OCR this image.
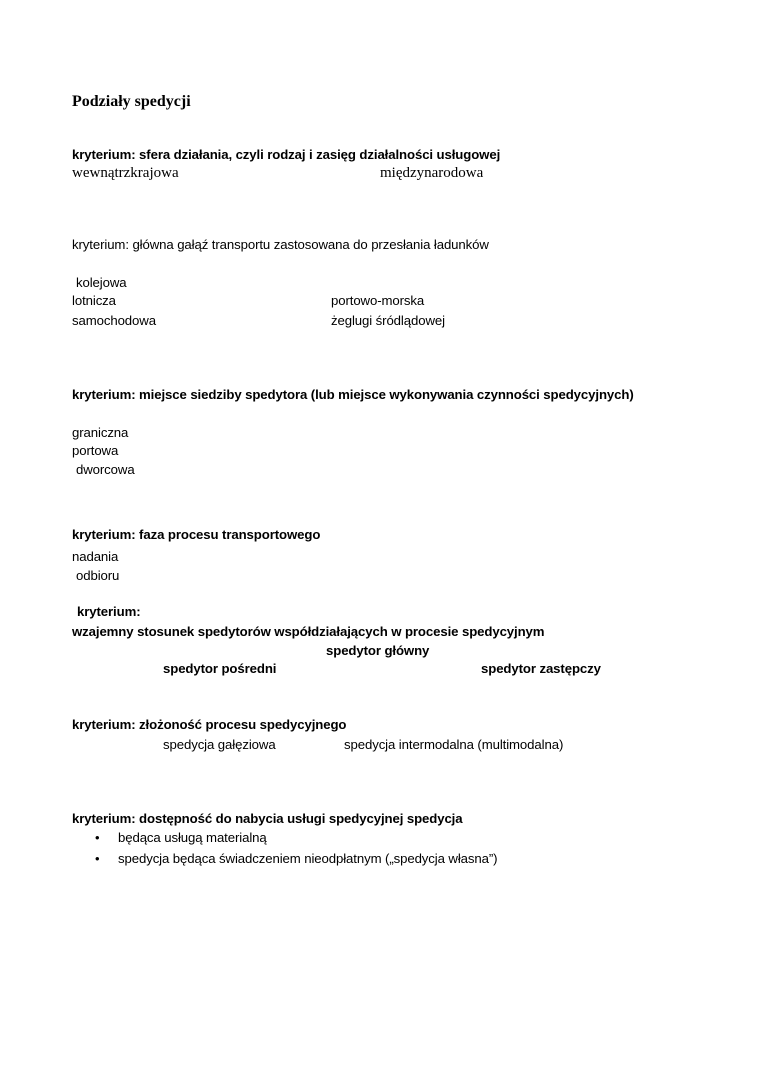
Podziały spedycji
kryterium: sfera działania, czyli rodzaj i zasięg działalności usługowej
wewnątrzkrajowa	międzynarodowa
kryterium: główna gałąź transportu zastosowana do przesłania ładunków
kolejowa
lotnicza	portowo-morska
samochodowa	żeglugi śródlądowej
kryterium: miejsce siedziby spedytora (lub miejsce wykonywania czynności spedycyjnych)
graniczna
portowa
dworcowa
kryterium: faza procesu transportowego
nadania
odbioru
kryterium:
wzajemny stosunek spedytorów współdziałających w procesie spedycyjnym
spedytor główny
spedytor pośredni	spedytor zastępczy
kryterium: złożoność procesu spedycyjnego
spedycja gałęziowa	spedycja intermodalna (multimodalna)
kryterium: dostępność do nabycia usługi spedycyjnej spedycja
• będąca usługą materialną
• spedycja będąca świadczeniem nieodpłatnym („spedycja własna”)
